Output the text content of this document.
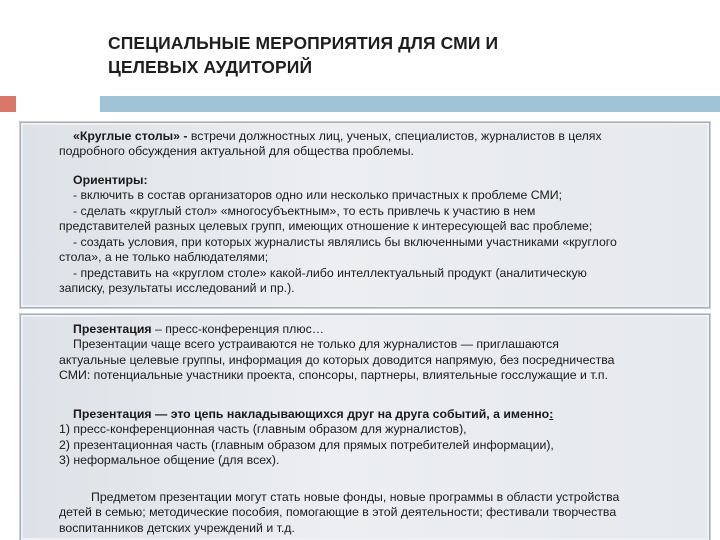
СПЕЦИАЛЬНЫЕ МЕРОПРИЯТИЯ ДЛЯ СМИ И
ЦЕЛЕВЫХ АУДИТОРИЙ
«Круглые столы» - встречи должностных лиц, ученых, специалистов, журналистов в целях
подробного обсуждения актуальной для общества проблемы.
Ориентиры:
- включить в состав организаторов одно или несколько причастных к проблеме СМИ;
- сделать «круглый стол» «многосубъектным», то есть привлечь к участию в нем
представителей разных целевых групп, имеющих отношение к интересующей вас проблеме;
- создать условия, при которых журналисты являлись бы включенными участниками «круглого
стола», а не только наблюдателями;
- представить на «круглом столе» какой-либо интеллектуальный продукт (аналитическую
записку, результаты исследований и пр.).
Презентация – пресс-конференция плюс…
Презентации чаще всего устраиваются не только для журналистов — приглашаются
актуальные целевые группы, информация до которых доводится напрямую, без посредничества
СМИ: потенциальные участники проекта, спонсоры, партнеры, влиятельные госслужащие и т.п.
Презентация — это цепь накладывающихся друг на друга событий, а именно:
1) пресс-конференционная часть (главным образом для журналистов),
2) презентационная часть (главным образом для прямых потребителей информации),
3) неформальное общение (для всех).
Предметом презентации могут стать новые фонды, новые программы в области устройства
детей в семью; методические пособия, помогающие в этой деятельности; фестивали творчества
воспитанников детских учреждений и т.д.
